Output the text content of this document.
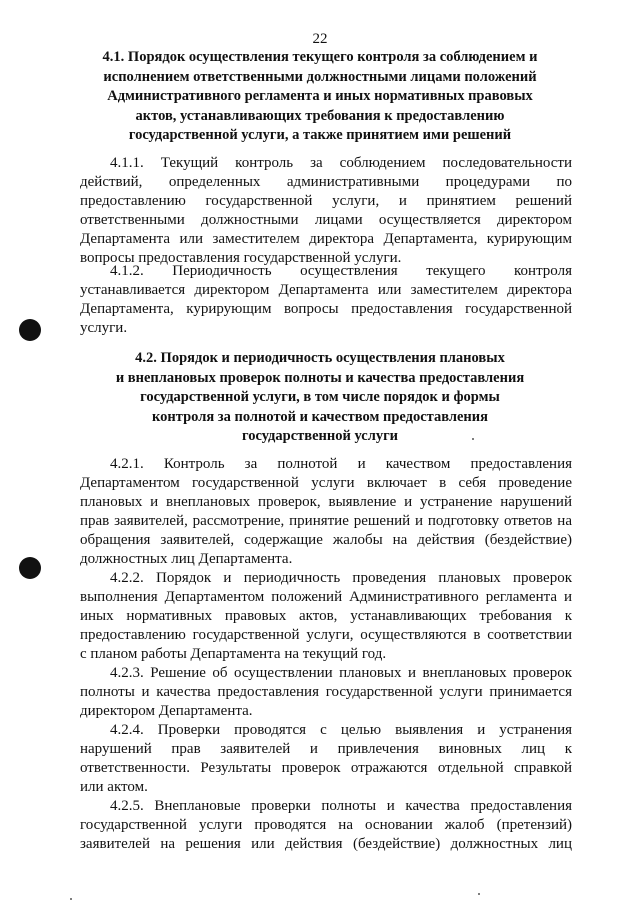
22
4.1. Порядок осуществления текущего контроля за соблюдением и
исполнением ответственными должностными лицами положений
Административного регламента и иных нормативных правовых
актов, устанавливающих требования к предоставлению
государственной услуги, а также принятием ими решений
4.1.1. Текущий контроль за соблюдением последовательности
действий, определенных административными процедурами по
предоставлению государственной услуги, и принятием решений
ответственными должностными лицами осуществляется директором
Департамента или заместителем директора Департамента, курирующим
вопросы предоставления государственной услуги.
4.1.2. Периодичность осуществления текущего контроля
устанавливается директором Департамента или заместителем директора
Департамента, курирующим вопросы предоставления государственной
услуги.
4.2. Порядок и периодичность осуществления плановых
и внеплановых проверок полноты и качества предоставления
государственной услуги, в том числе порядок и формы
контроля за полнотой и качеством предоставления
государственной услуги
4.2.1. Контроль за полнотой и качеством предоставления
Департаментом государственной услуги включает в себя проведение
плановых и внеплановых проверок, выявление и устранение нарушений
прав заявителей, рассмотрение, принятие решений и подготовку ответов на
обращения заявителей, содержащие жалобы на действия (бездействие)
должностных лиц Департамента.
4.2.2. Порядок и периодичность проведения плановых проверок
выполнения Департаментом положений Административного регламента и
иных нормативных правовых актов, устанавливающих требования к
предоставлению государственной услуги, осуществляются в соответствии
с планом работы Департамента на текущий год.
4.2.3. Решение об осуществлении плановых и внеплановых проверок
полноты и качества предоставления государственной услуги принимается
директором Департамента.
4.2.4. Проверки проводятся с целью выявления и устранения
нарушений прав заявителей и привлечения виновных лиц к
ответственности. Результаты проверок отражаются отдельной справкой
или актом.
4.2.5. Внеплановые проверки полноты и качества предоставления
государственной услуги проводятся на основании жалоб (претензий)
заявителей на решения или действия (бездействие) должностных лиц
